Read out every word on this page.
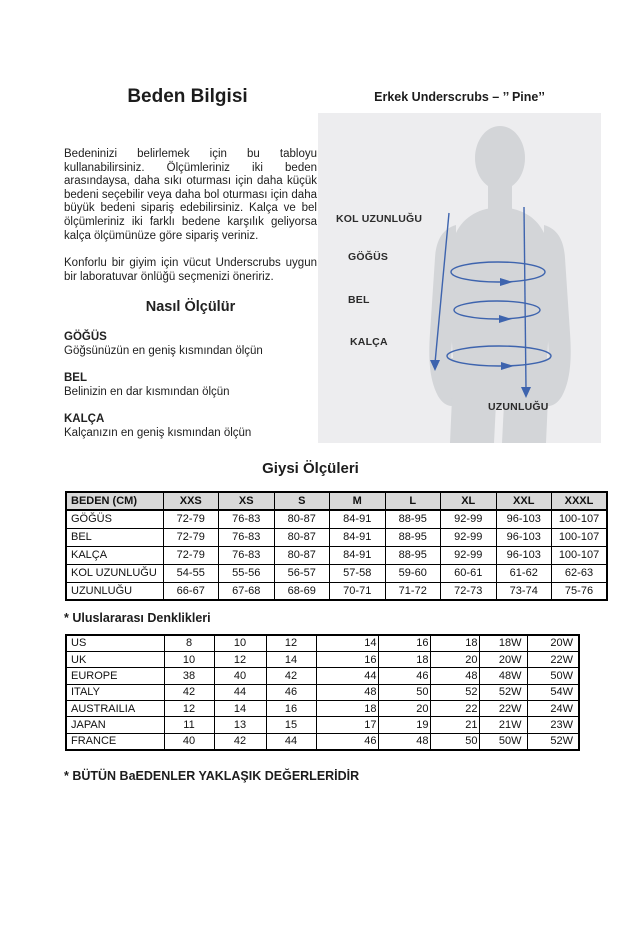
Beden Bilgisi	Erkek Underscrubs – ’’ Pine’’

Bedeninizi belirlemek için bu tabloyu kullanabilirsiniz. Ölçümleriniz iki beden arasındaysa, daha sıkı oturması için daha küçük bedeni seçebilir veya daha bol oturması için daha büyük bedeni sipariş edebilirsiniz. Kalça ve bel ölçümleriniz iki farklı bedene karşılık geliyorsa kalça ölçümünüze göre sipariş veriniz.

Konforlu bir giyim için vücut Underscrubs uygun bir laboratuvar önlüğü seçmenizi öneririz.

Nasıl Ölçülür
GÖĞÜS
Göğsünüzün en geniş kısmından ölçün
BEL
Belinizin en dar kısmından ölçün
KALÇA
Kalçanızın en geniş kısmından ölçün
KOL UZUNLUĞU
GÖĞÜS
BEL
KALÇA
UZUNLUĞU
Giysi Ölçüleri
BEDEN (CM)	XXS	XS	S	M	L	XL	XXL	XXXL
GÖĞÜS	72-79	76-83	80-87	84-91	88-95	92-99	96-103	100-107
BEL	72-79	76-83	80-87	84-91	88-95	92-99	96-103	100-107
KALÇA	72-79	76-83	80-87	84-91	88-95	92-99	96-103	100-107
KOL UZUNLUĞU	54-55	55-56	56-57	57-58	59-60	60-61	61-62	62-63
UZUNLUĞU	66-67	67-68	68-69	70-71	71-72	72-73	73-74	75-76
* Uluslararası Denklikleri
US	8	10	12	14	16	18	18W	20W
UK	10	12	14	16	18	20	20W	22W
EUROPE	38	40	42	44	46	48	48W	50W
ITALY	42	44	46	48	50	52	52W	54W
AUSTRAILIA	12	14	16	18	20	22	22W	24W
JAPAN	11	13	15	17	19	21	21W	23W
FRANCE	40	42	44	46	48	50	50W	52W
* BÜTÜN BaEDENLER YAKLAŞIK DEĞERLERİDİR
